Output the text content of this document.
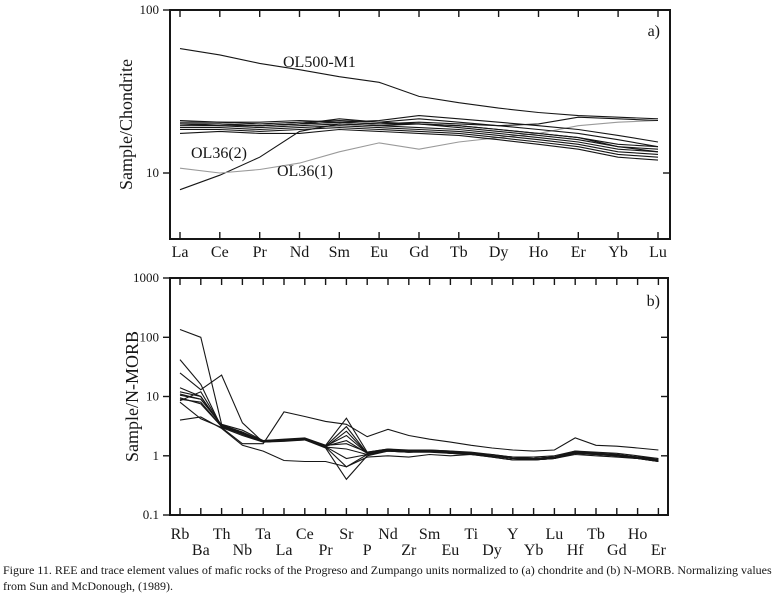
La Ce Pr Nd Sm Eu Gd Tb Dy Ho Er Yb Lu
100
10
Sample/Chondrite
a)
OL500-M1
OL36(2)
OL36(1)
Rb
Ba
Th
Nb
Ta
La
Ce
Pr
Sr
P
Nd
Zr
Sm
Eu
Ti
Dy
Y
Yb
Lu
Hf
Tb
Gd
Ho
Er
1000
100
10
1
0.1
Sample/N-MORB
b)

Figure 11. REE and trace element values of mafic rocks of the Progreso and Zumpango units normalized to (a) chondrite and (b) N-MORB. Normalizing values from Sun and McDonough, (1989).
